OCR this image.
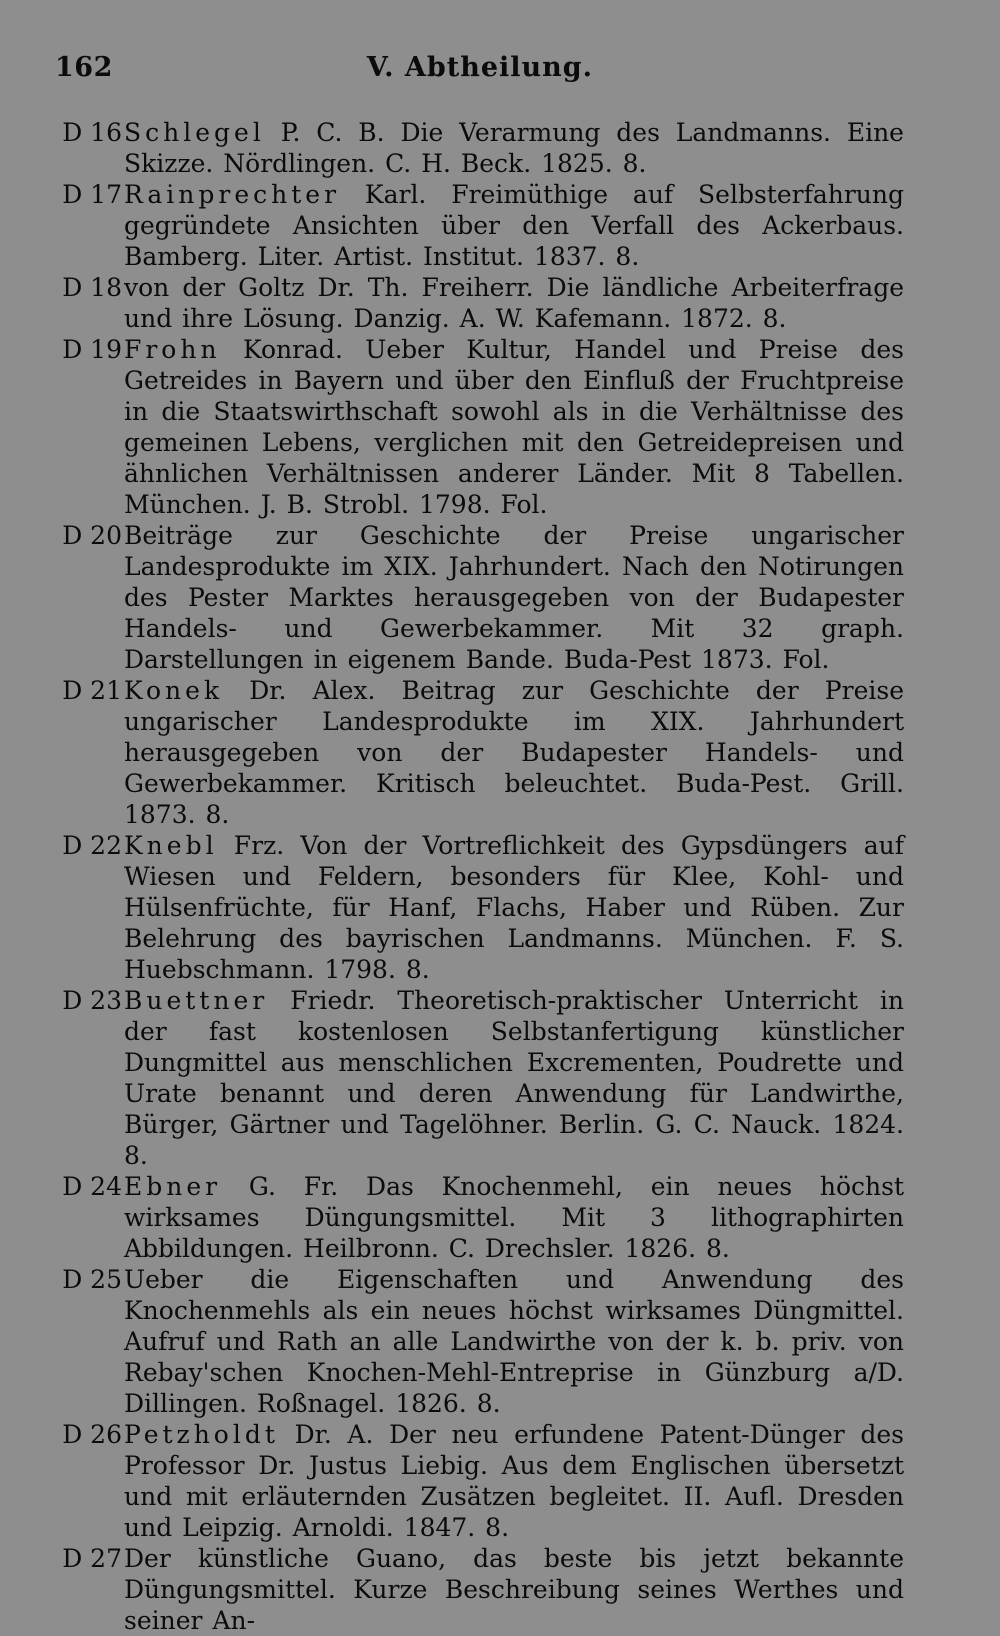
162	V. Abtheilung.
D 16 Schlegel P. C. B. Die Verarmung des Landmanns. Eine Skizze. Nördlingen. C. H. Beck. 1825. 8.
D 17 Rainprechter Karl. Freimüthige auf Selbsterfahrung gegründete Ansichten über den Verfall des Ackerbaus. Bamberg. Liter. Artist. Institut. 1837. 8.
D 18 von der Goltz Dr. Th. Freiherr. Die ländliche Arbeiterfrage und ihre Lösung. Danzig. A. W. Kafemann. 1872. 8.
D 19 Frohn Konrad. Ueber Kultur, Handel und Preise des Getreides in Bayern und über den Einfluß der Fruchtpreise in die Staatswirthschaft sowohl als in die Verhältnisse des gemeinen Lebens, verglichen mit den Getreidepreisen und ähnlichen Verhältnissen anderer Länder. Mit 8 Tabellen. München. J. B. Strobl. 1798. Fol.
D 20 Beiträge zur Geschichte der Preise ungarischer Landesprodukte im XIX. Jahrhundert. Nach den Notirungen des Pester Marktes herausgegeben von der Budapester Handels- und Gewerbekammer. Mit 32 graph. Darstellungen in eigenem Bande. Buda-Pest 1873. Fol.
D 21 Konek Dr. Alex. Beitrag zur Geschichte der Preise ungarischer Landesprodukte im XIX. Jahrhundert herausgegeben von der Budapester Handels- und Gewerbekammer. Kritisch beleuchtet. Buda-Pest. Grill. 1873. 8.
D 22 Knebl Frz. Von der Vortreflichkeit des Gypsdüngers auf Wiesen und Feldern, besonders für Klee, Kohl- und Hülsenfrüchte, für Hanf, Flachs, Haber und Rüben. Zur Belehrung des bayrischen Landmanns. München. F. S. Huebschmann. 1798. 8.
D 23 Buettner Friedr. Theoretisch-praktischer Unterricht in der fast kostenlosen Selbstanfertigung künstlicher Dungmittel aus menschlichen Excrementen, Poudrette und Urate benannt und deren Anwendung für Landwirthe, Bürger, Gärtner und Tagelöhner. Berlin. G. C. Nauck. 1824. 8.
D 24 Ebner G. Fr. Das Knochenmehl, ein neues höchst wirksames Düngungsmittel. Mit 3 lithographirten Abbildungen. Heilbronn. C. Drechsler. 1826. 8.
D 25 Ueber die Eigenschaften und Anwendung des Knochenmehls als ein neues höchst wirksames Düngmittel. Aufruf und Rath an alle Landwirthe von der k. b. priv. von Rebay'schen Knochen-Mehl-Entreprise in Günzburg a/D. Dillingen. Roßnagel. 1826. 8.
D 26 Petzholdt Dr. A. Der neu erfundene Patent-Dünger des Professor Dr. Justus Liebig. Aus dem Englischen übersetzt und mit erläuternden Zusätzen begleitet. II. Aufl. Dresden und Leipzig. Arnoldi. 1847. 8.
D 27 Der künstliche Guano, das beste bis jetzt bekannte Düngungsmittel. Kurze Beschreibung seines Werthes und seiner An-
